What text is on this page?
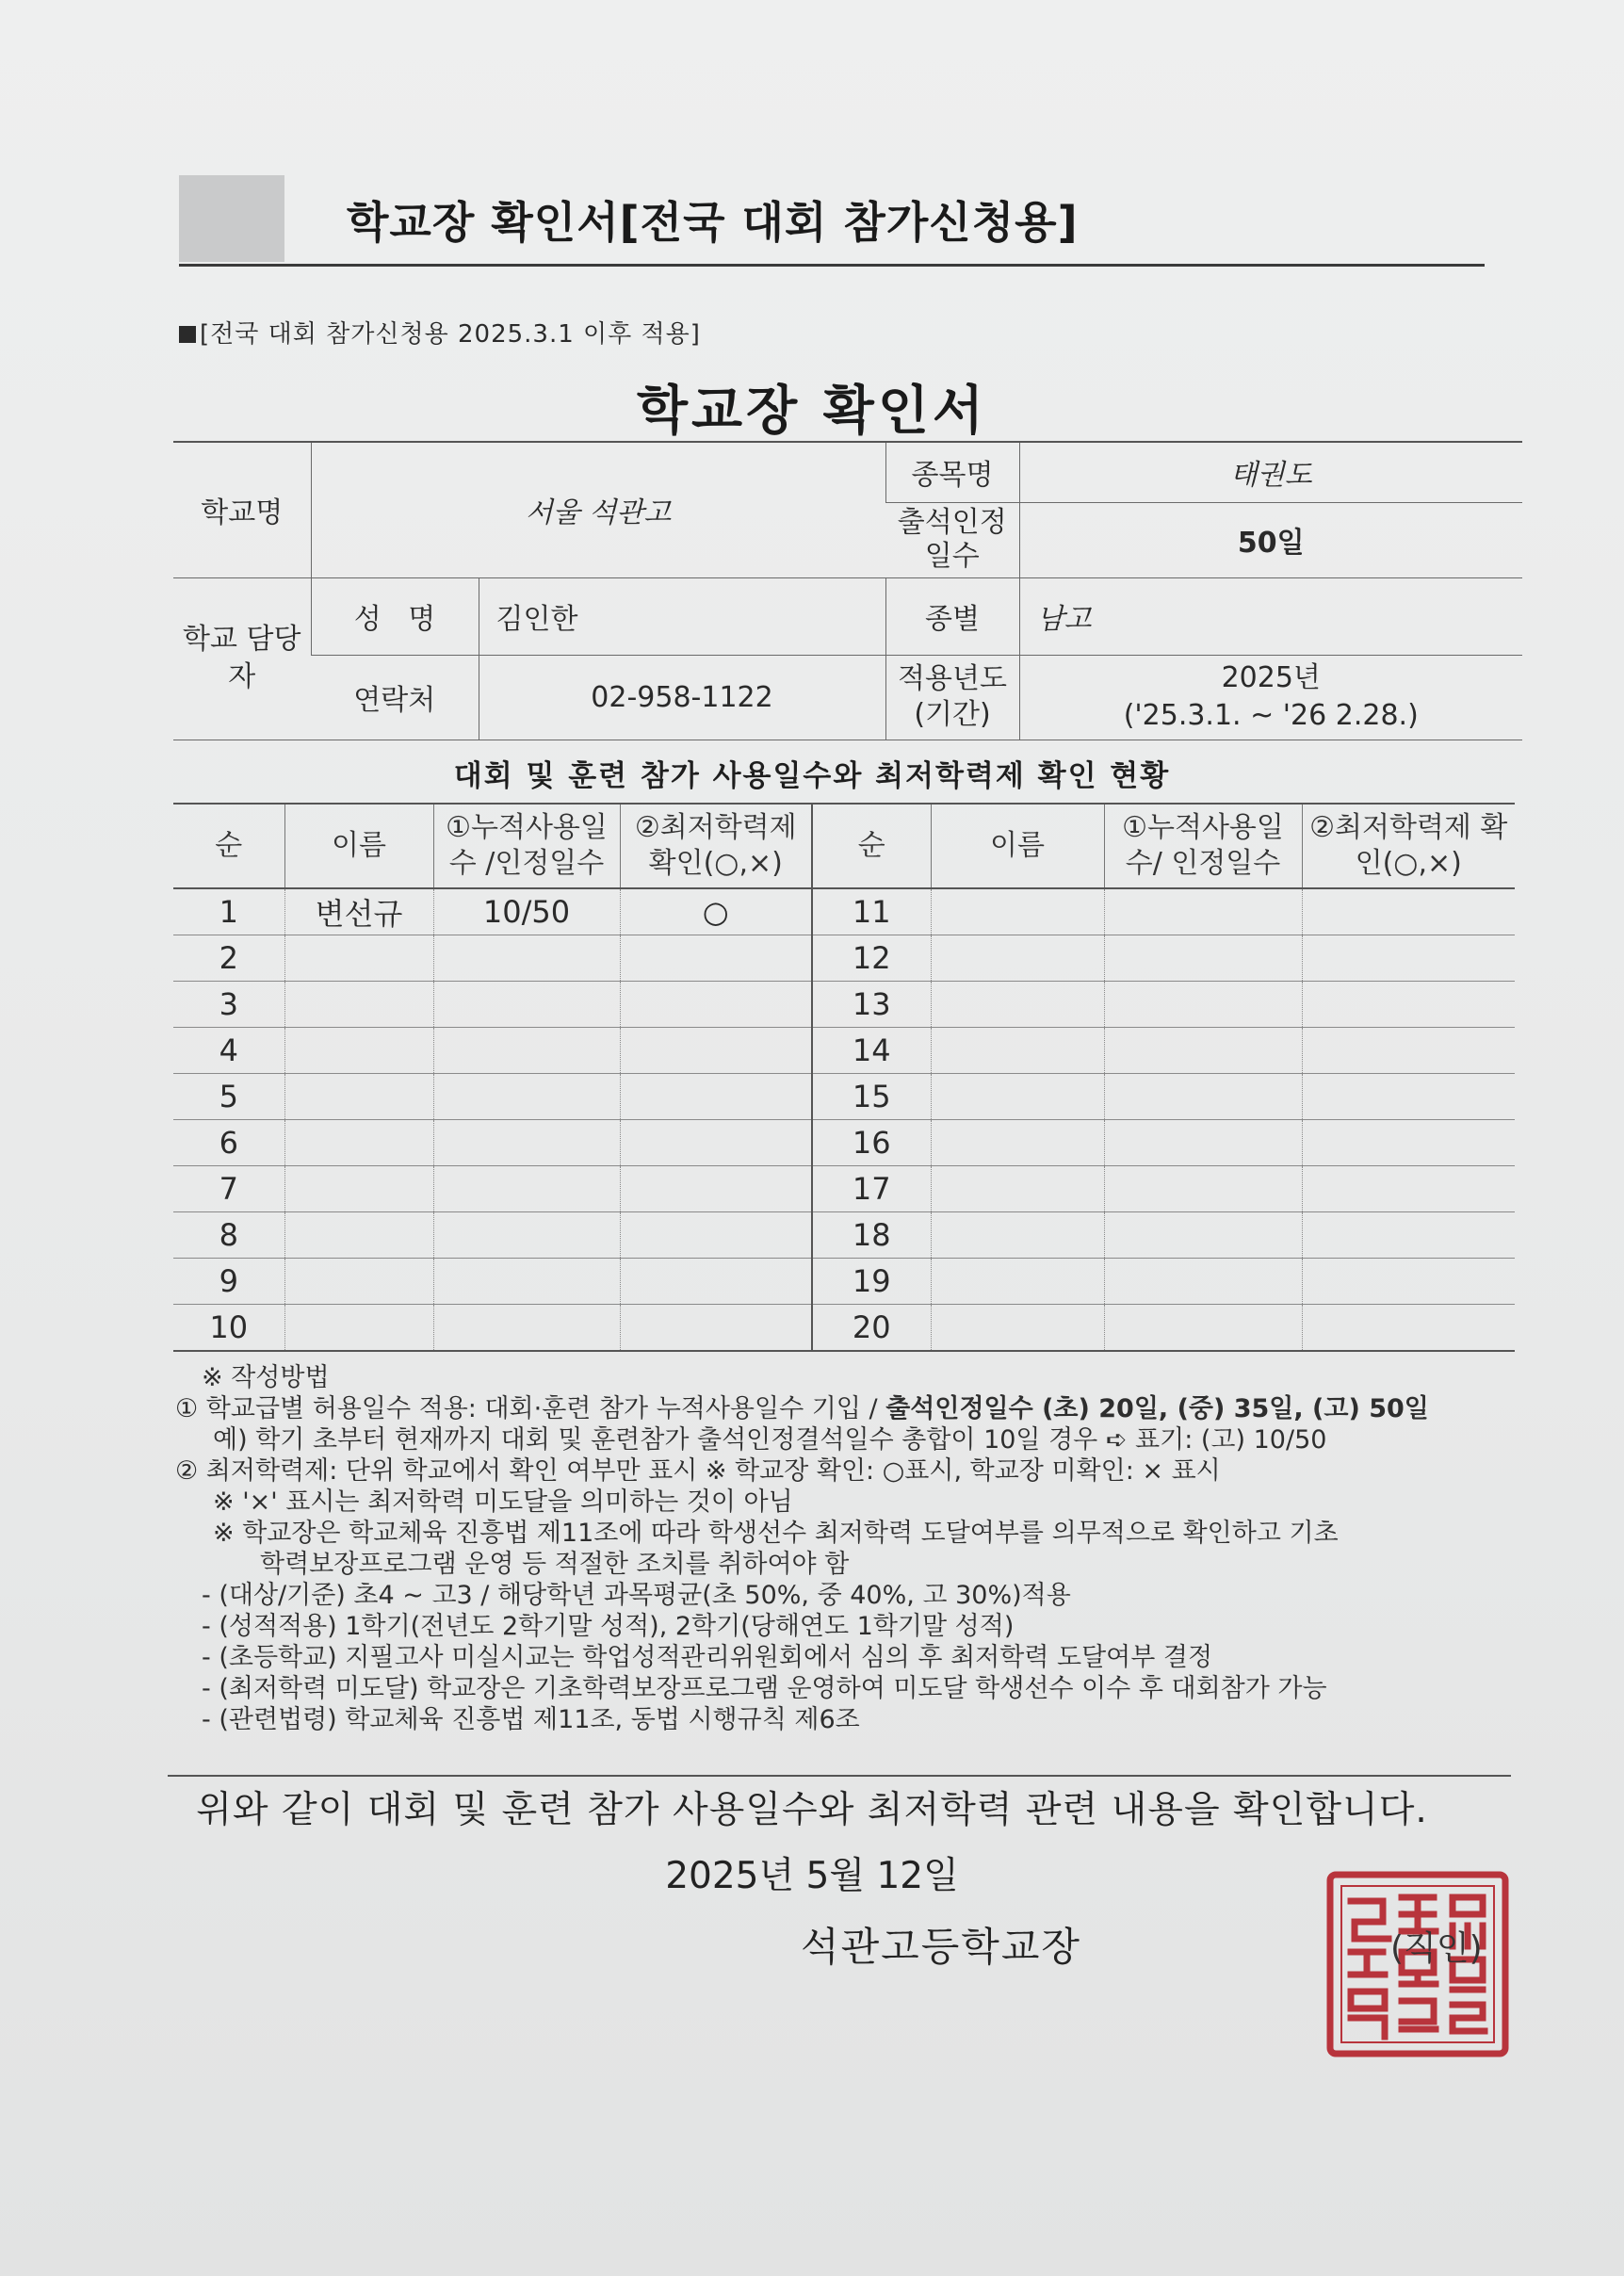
학교장 확인서[전국 대회 참가신청용]
[전국 대회 참가신청용 2025.3.1 이후 적용]
학교장 확인서
학교명	서울 석관고		종목명	태권도
			출석인정 일수	50일
학교 담당자	성   명	김인한	종별	남고
	연락처	02-958-1122	적용년도 (기간)	2025년
('25.3.1. ~ '26 2.28.)
대회 및 훈련 참가 사용일수와 최저학력제 확인 현황
순	이름	①누적사용일수 /인정일수	②최저학력제 확인(○,×)	순	이름	①누적사용일수/ 인정일수	②최저학력제 확인(○,×)
1	변선규	10/50	○	11			
2				12			
3				13			
4				14			
5				15			
6				16			
7				17			
8				18			
9				19			
10				20			
※ 작성방법
① 학교급별 허용일수 적용: 대회·훈련 참가 누적사용일수 기입 / 출석인정일수 (초) 20일, (중) 35일, (고) 50일
예) 학기 초부터 현재까지 대회 및 훈련참가 출석인정결석일수 총합이 10일 경우 ➪ 표기: (고) 10/50
② 최저학력제: 단위 학교에서 확인 여부만 표시 ※ 학교장 확인: ○표시, 학교장 미확인: × 표시
※ '×' 표시는 최저학력 미도달을 의미하는 것이 아님
※ 학교장은 학교체육 진흥법 제11조에 따라 학생선수 최저학력 도달여부를 의무적으로 확인하고 기초
학력보장프로그램 운영 등 적절한 조치를 취하여야 함
- (대상/기준) 초4 ~ 고3 / 해당학년 과목평균(초 50%, 중 40%, 고 30%)적용
- (성적적용) 1학기(전년도 2학기말 성적), 2학기(당해연도 1학기말 성적)
- (초등학교) 지필고사 미실시교는 학업성적관리위원회에서 심의 후 최저학력 도달여부 결정
- (최저학력 미도달) 학교장은 기초학력보장프로그램 운영하여 미도달 학생선수 이수 후 대회참가 가능
- (관련법령) 학교체육 진흥법 제11조, 동법 시행규칙 제6조
위와 같이 대회 및 훈련 참가 사용일수와 최저학력 관련 내용을 확인합니다.
2025년 5월 12일
석관고등학교장	(직인)
